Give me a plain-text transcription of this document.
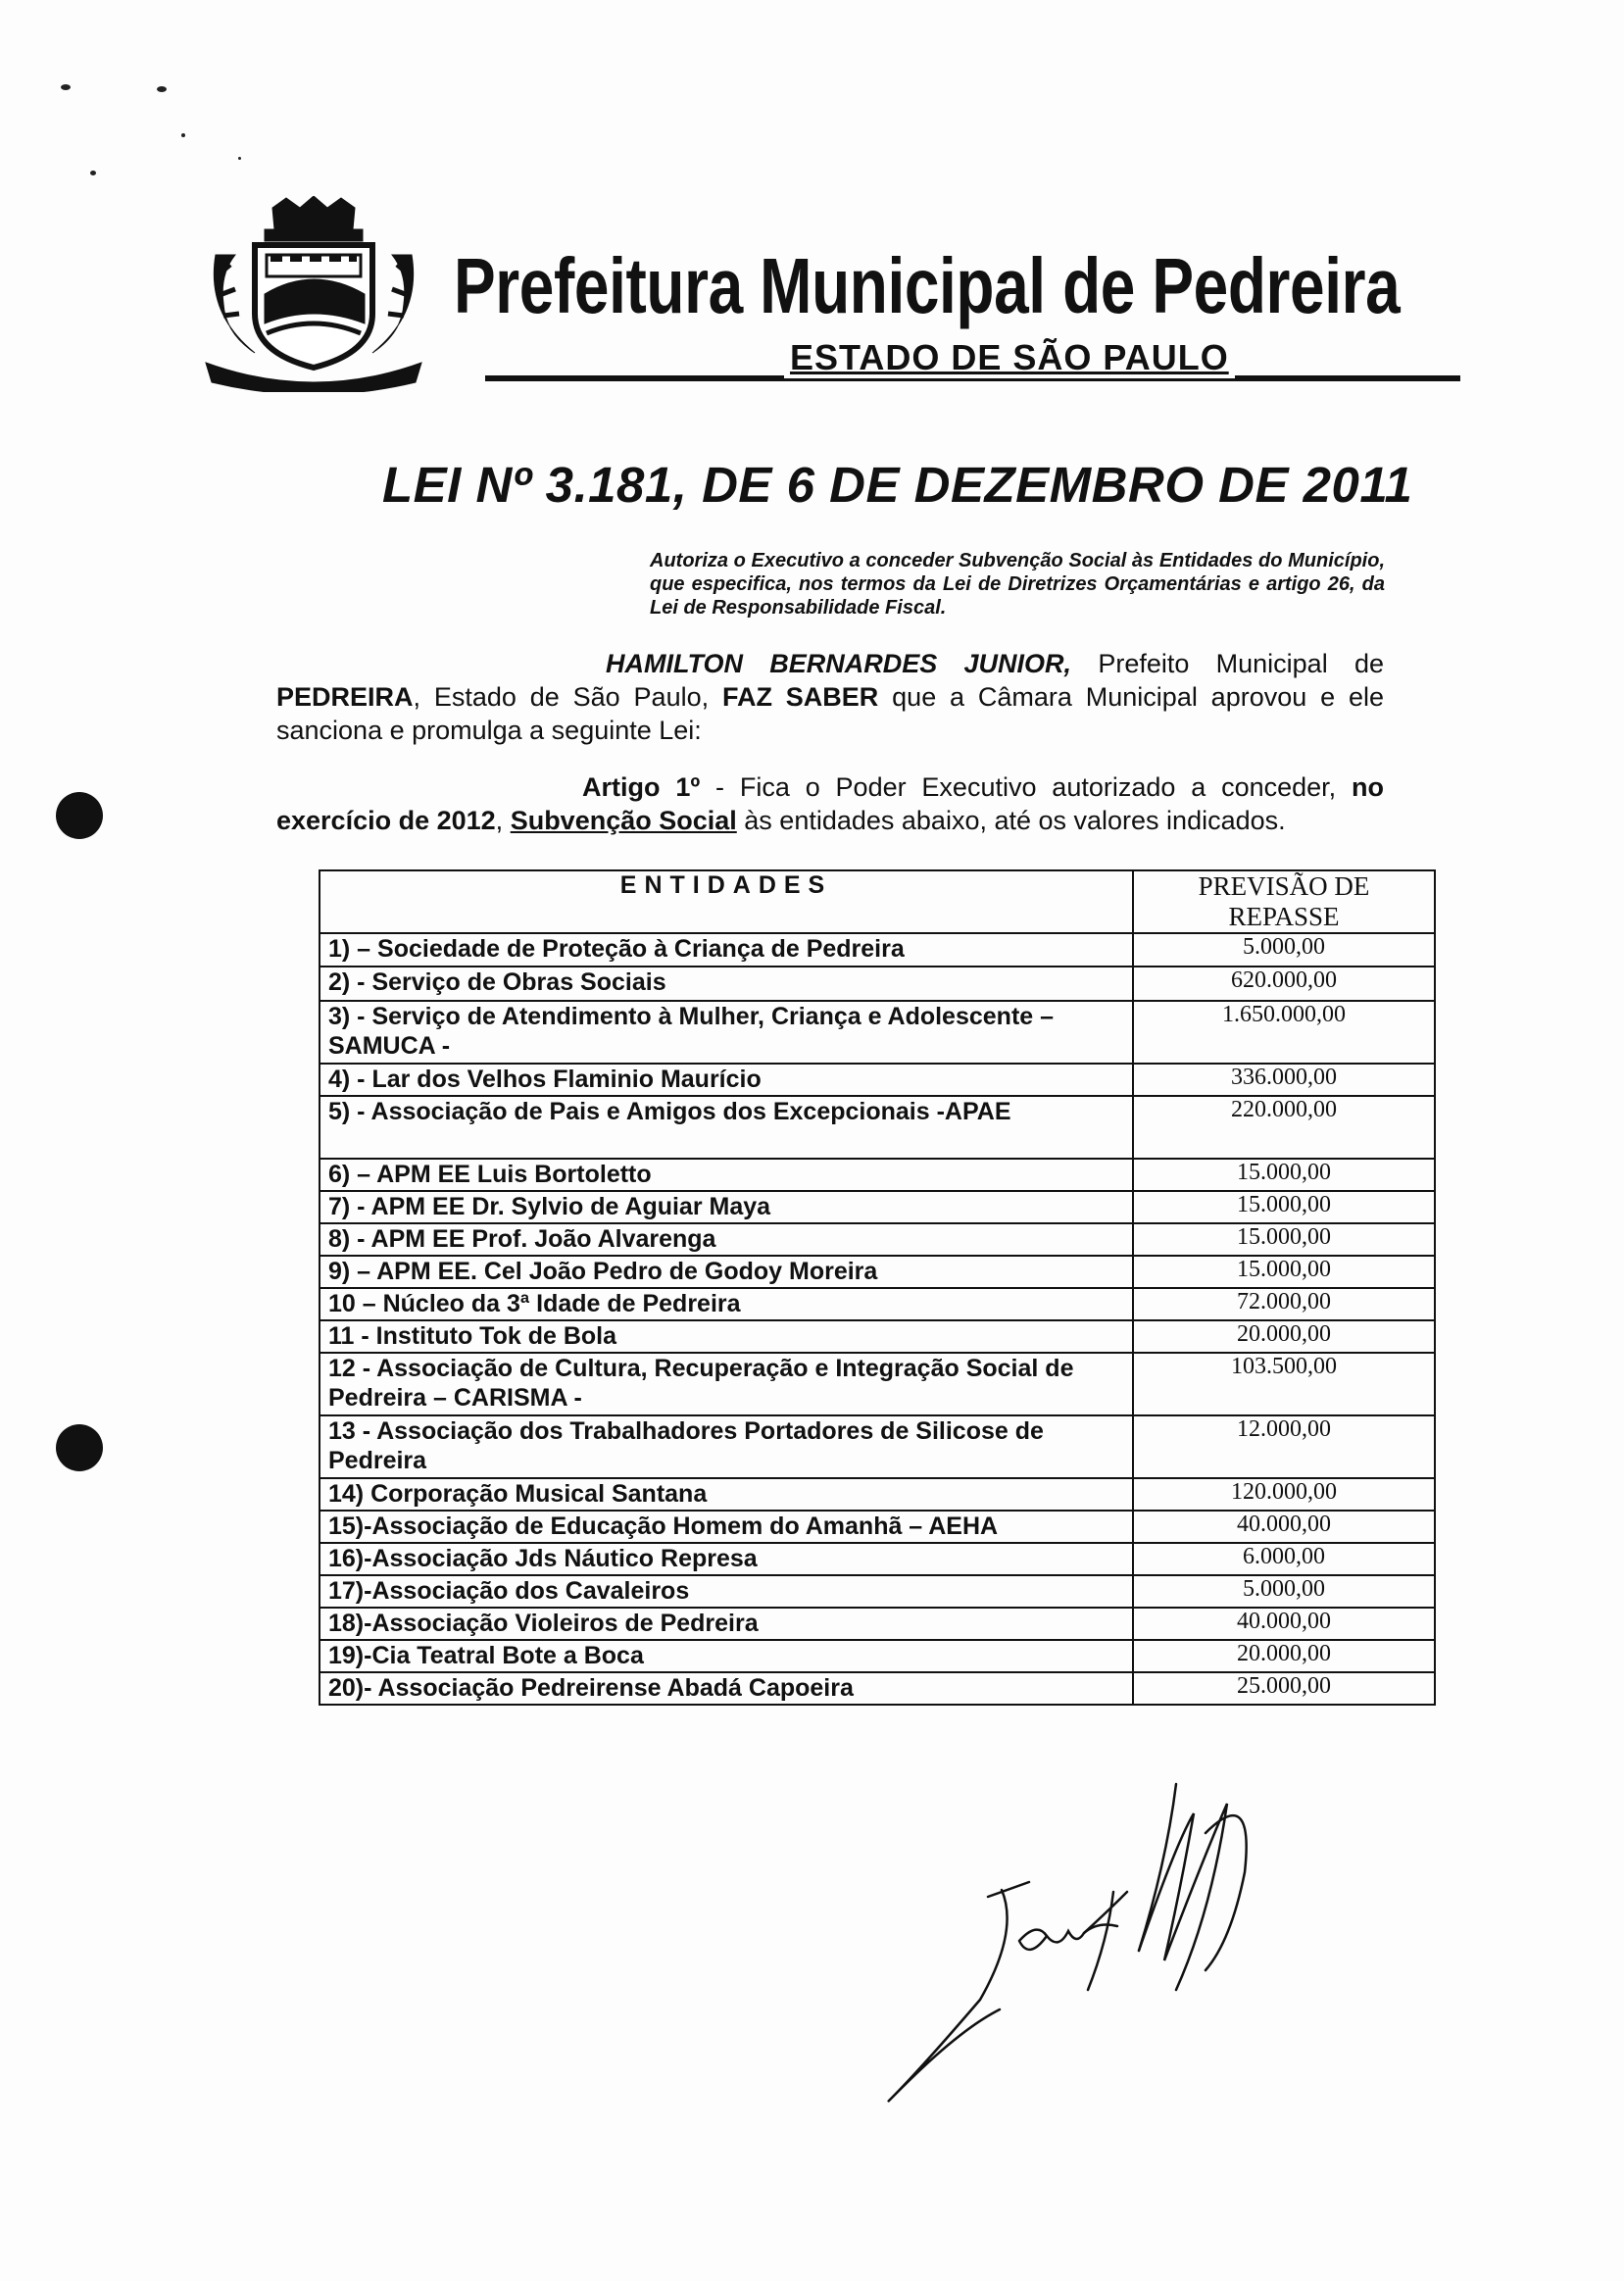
Prefeitura Municipal de Pedreira
ESTADO DE SÃO PAULO
LEI Nº 3.181, DE 6 DE DEZEMBRO DE 2011
Autoriza o Executivo a conceder Subvenção Social às Entidades do Município, que especifica, nos termos da Lei de Diretrizes Orçamentárias e artigo 26, da Lei de Responsabilidade Fiscal.
HAMILTON BERNARDES JUNIOR, Prefeito Municipal de PEDREIRA, Estado de São Paulo, FAZ SABER que a Câmara Municipal aprovou e ele sanciona e promulga a seguinte Lei:
Artigo 1º - Fica o Poder Executivo autorizado a conceder, no exercício de 2012, Subvenção Social às entidades abaixo, até os valores indicados.
ENTIDADES	PREVISÃO DE REPASSE
1) – Sociedade de Proteção à Criança de Pedreira	5.000,00
2) - Serviço de Obras Sociais	620.000,00
3) - Serviço de Atendimento à Mulher, Criança e Adolescente – SAMUCA -	1.650.000,00
4) - Lar dos Velhos Flaminio Maurício	336.000,00
5) - Associação de Pais e Amigos dos Excepcionais -APAE	220.000,00
6) – APM EE Luis Bortoletto	15.000,00
7) - APM EE Dr. Sylvio de Aguiar Maya	15.000,00
8) - APM EE Prof. João Alvarenga	15.000,00
9) – APM EE. Cel João Pedro de Godoy Moreira	15.000,00
10 – Núcleo da 3ª Idade de Pedreira	72.000,00
11 - Instituto Tok de Bola	20.000,00
12 - Associação de Cultura, Recuperação e Integração Social de Pedreira – CARISMA -	103.500,00
13 - Associação dos Trabalhadores Portadores de Silicose de Pedreira	12.000,00
14) Corporação Musical Santana	120.000,00
15)-Associação de Educação Homem do Amanhã – AEHA	40.000,00
16)-Associação Jds Náutico Represa	6.000,00
17)-Associação dos Cavaleiros	5.000,00
18)-Associação Violeiros de Pedreira	40.000,00
19)-Cia Teatral Bote a Boca	20.000,00
20)- Associação Pedreirense Abadá Capoeira	25.000,00
